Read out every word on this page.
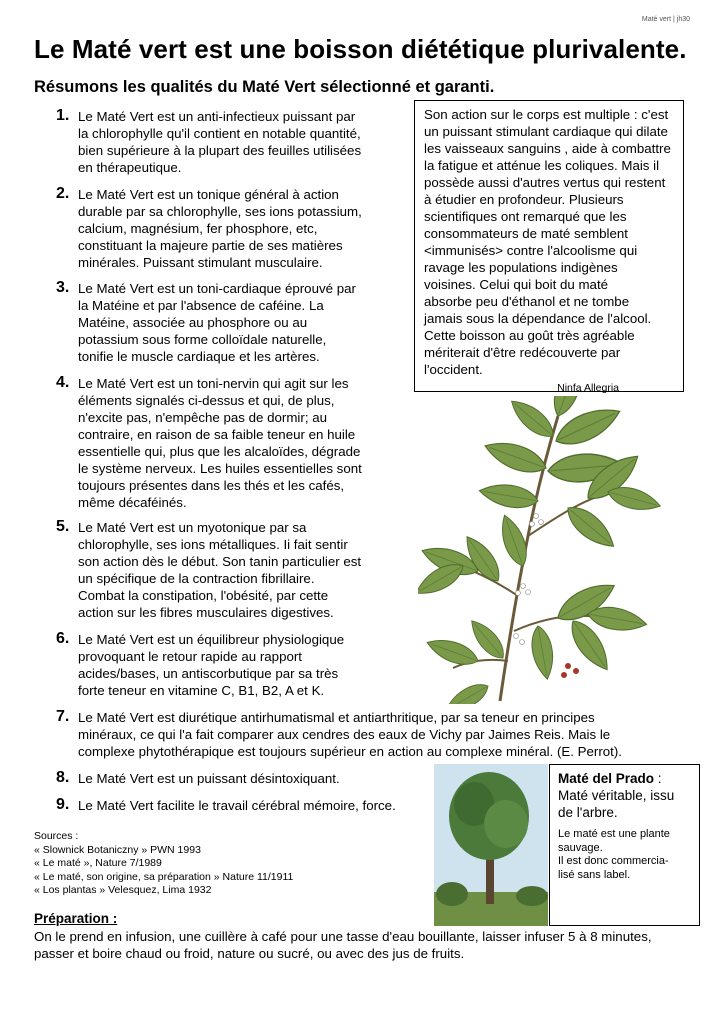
Maté vert | jh30
Le Maté vert est une boisson diététique plurivalente.
Résumons les qualités du Maté Vert sélectionné et garanti.
1. Le Maté Vert est un anti-infectieux puissant par
la chlorophylle qu'il contient en notable quantité,
bien supérieure à la plupart des feuilles utilisées
en thérapeutique.
2. Le Maté Vert est un tonique général à action
durable par sa chlorophylle, ses ions potassium,
calcium, magnésium, fer phosphore, etc,
constituant la majeure partie de ses matières
minérales. Puissant stimulant musculaire.
3. Le Maté Vert est un toni-cardiaque éprouvé par
la Matéine et par l'absence de caféine. La
Matéine, associée au phosphore ou au
potassium sous forme colloïdale naturelle,
tonifie le muscle cardiaque et les artères.
4. Le Maté Vert est un toni-nervin qui agit sur les
éléments signalés ci-dessus et qui, de plus,
n'excite pas, n'empêche pas de dormir; au
contraire, en raison de sa faible teneur en huile
essentielle qui, plus que les alcaloïdes, dégrade
le système nerveux. Les huiles essentielles sont
toujours présentes dans les thés et les cafés,
même décaféinés.
5. Le Maté Vert est un myotonique par sa
chlorophylle, ses ions métalliques. Ii fait sentir
son action dès le début. Son tanin particulier est
un spécifique de la contraction fibrillaire.
Combat la constipation, l'obésité, par cette
action sur les fibres musculaires digestives.
6. Le Maté Vert est un équilibreur physiologique
provoquant le retour rapide au rapport
acides/bases, un antiscorbutique par sa très
forte teneur en vitamine C, B1, B2, A et K.
7. Le Maté Vert est diurétique antirhumatismal et antiarthritique, par sa teneur en principes
minéraux, ce qui l'a fait comparer aux cendres des eaux de Vichy par Jaimes Reis. Mais le
complexe phytothérapique est toujours supérieur en action au complexe minéral. (E. Perrot).
8. Le Maté Vert est un puissant désintoxiquant.
9. Le Maté Vert facilite le travail cérébral mémoire, force.
Son action sur le corps est multiple : c'est
un puissant stimulant cardiaque qui dilate
les vaisseaux sanguins , aide à combattre
la fatigue et atténue les coliques. Mais il
possède aussi d'autres vertus qui restent
à étudier en profondeur. Plusieurs
scientifiques ont remarqué que les
consommateurs de maté semblent
<immunisés> contre l'alcoolisme qui
ravage les populations indigènes
voisines. Celui qui boit du maté
absorbe peu d'éthanol et ne tombe
jamais sous la dépendance de l'alcool.
Cette boisson au goût très agréable
mériterait d'être redécouverte par
l'occident.
Ninfa Allegria
Maté del Prado :
Maté véritable, issu
de l'arbre.
Le maté est une plante
sauvage.
Il est donc commercia-
lisé sans label.
Sources :
« Slownick Botaniczny » PWN 1993
« Le maté », Nature 7/1989
« Le maté, son origine, sa préparation » Nature 11/1911
« Los plantas » Velesquez, Lima 1932
Préparation :
On le prend en infusion, une cuillère à café pour une tasse d'eau bouillante, laisser infuser 5 à 8 minutes,
passer et boire chaud ou froid, nature ou sucré, ou avec des jus de fruits.
